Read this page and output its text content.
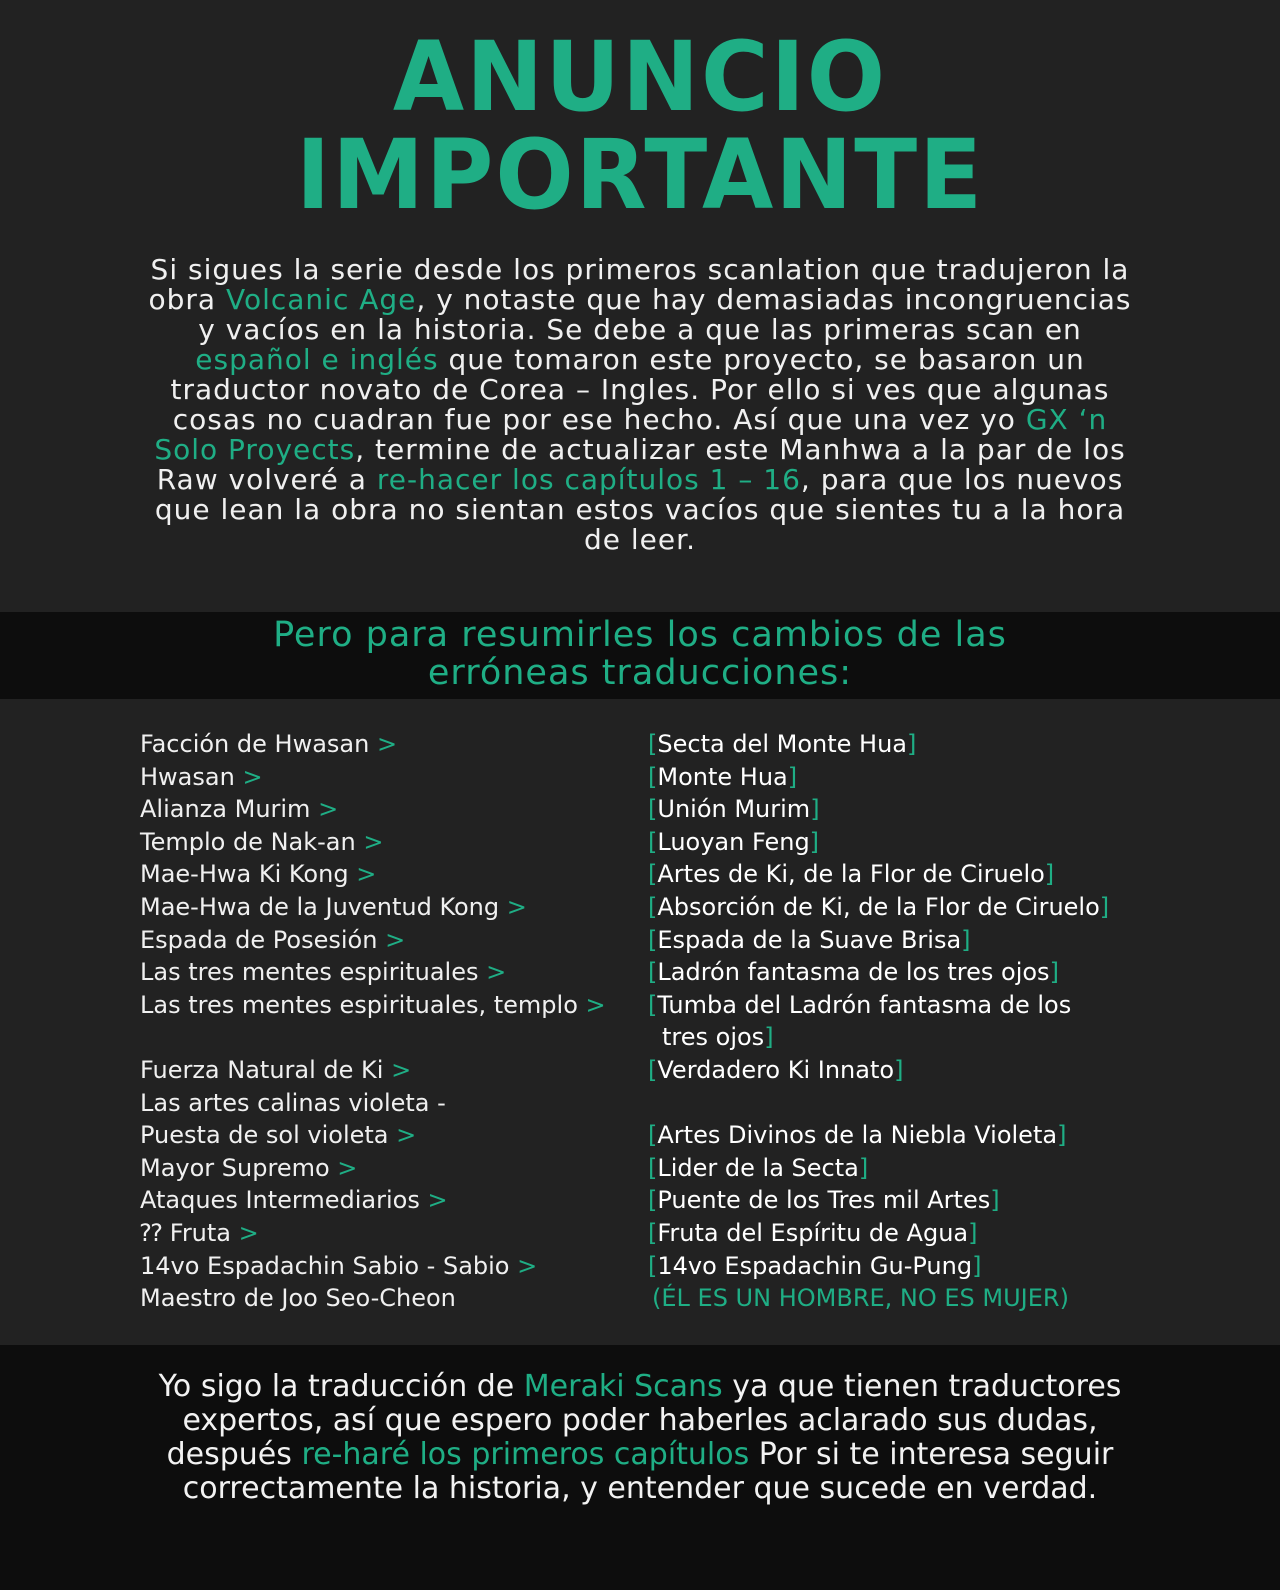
ANUNCIO
IMPORTANTE
Si sigues la serie desde los primeros scanlation que tradujeron la obra Volcanic Age, y notaste que hay demasiadas incongruencias y vacíos en la historia. Se debe a que las primeras scan en español e inglés que tomaron este proyecto, se basaron un traductor novato de Corea – Ingles. Por ello si ves que algunas cosas no cuadran fue por ese hecho. Así que una vez yo GX ‘n Solo Proyects, termine de actualizar este Manhwa a la par de los Raw volveré a re-hacer los capítulos 1 – 16, para que los nuevos que lean la obra no sientan estos vacíos que sientes tu a la hora de leer.
Pero para resumirles los cambios de las
erróneas traducciones:
Facción de Hwasan >	[Secta del Monte Hua]
Hwasan >	[Monte Hua]
Alianza Murim >	[Unión Murim]
Templo de Nak-an >	[Luoyan Feng]
Mae-Hwa Ki Kong >	[Artes de Ki, de la Flor de Ciruelo]
Mae-Hwa de la Juventud Kong >	[Absorción de Ki, de la Flor de Ciruelo]
Espada de Posesión >	[Espada de la Suave Brisa]
Las tres mentes espirituales >	[Ladrón fantasma de los tres ojos]
Las tres mentes espirituales, templo > [Tumba del Ladrón fantasma de los
tres ojos]
Fuerza Natural de Ki >	[Verdadero Ki Innato]
Las artes calinas violeta -
Puesta de sol violeta >	[Artes Divinos de la Niebla Violeta]
Mayor Supremo >	[Lider de la Secta]
Ataques Intermediarios >	[Puente de los Tres mil Artes]
⁇ Fruta >	[Fruta del Espíritu de Agua]
14vo Espadachin Sabio - Sabio >	[14vo Espadachin Gu-Pung]
Maestro de Joo Seo-Cheon	(ÉL ES UN HOMBRE, NO ES MUJER)
Yo sigo la traducción de Meraki Scans ya que tienen traductores expertos, así que espero poder haberles aclarado sus dudas, después re-haré los primeros capítulos Por si te interesa seguir correctamente la historia, y entender que sucede en verdad.
